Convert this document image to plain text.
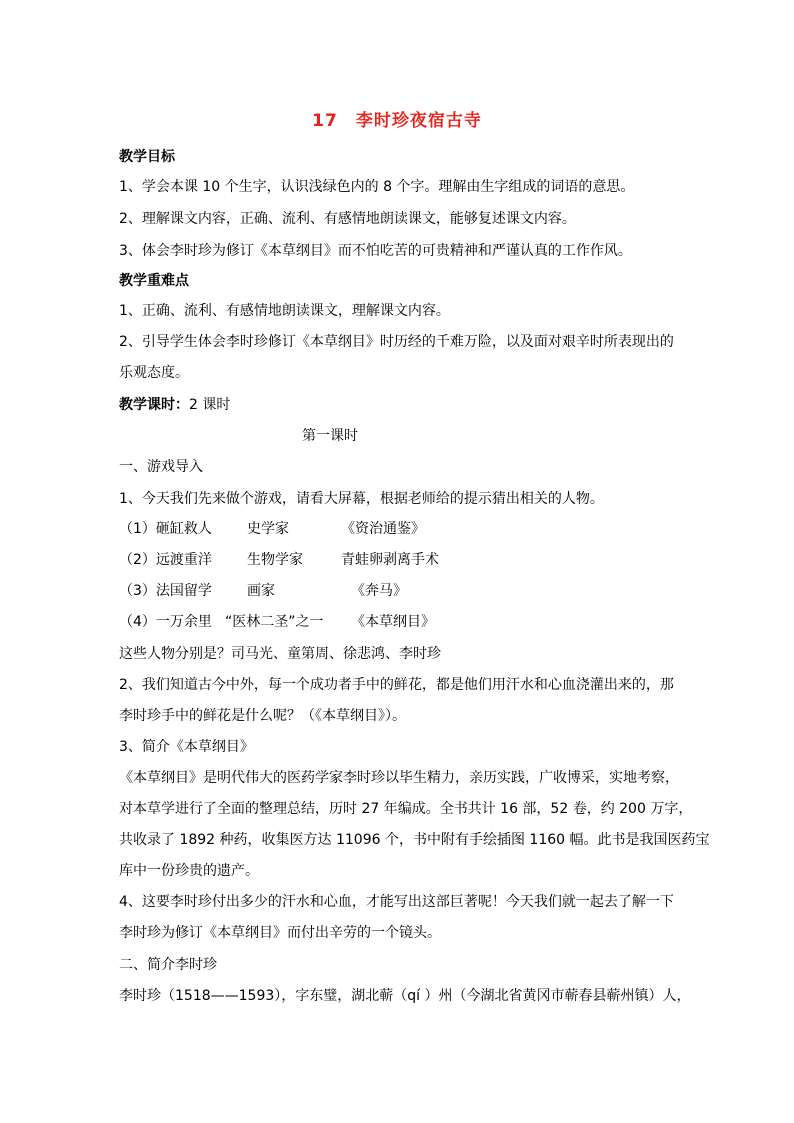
17　李时珍夜宿古寺
教学目标
1、学会本课 10 个生字，认识浅绿色内的 8 个字。理解由生字组成的词语的意思。
2、理解课文内容，正确、流利、有感情地朗读课文，能够复述课文内容。
3、体会李时珍为修订《本草纲目》而不怕吃苦的可贵精神和严谨认真的工作作风。
教学重难点
1、正确、流利、有感情地朗读课文，理解课文内容。
2、引导学生体会李时珍修订《本草纲目》时历经的千难万险，以及面对艰辛时所表现出的
乐观态度。
教学课时：2 课时
第一课时
一、游戏导入
1、今天我们先来做个游戏，请看大屏幕，根据老师给的提示猜出相关的人物。
（1）砸缸救人	史学家	《资治通鉴》
（2）远渡重洋	生物学家	青蛙卵剥离手术
（3）法国留学	画家	《奔马》
（4）一万余里 “医林二圣”之一 《本草纲目》
这些人物分别是？司马光、童第周、徐悲鸿、李时珍
2、我们知道古今中外，每一个成功者手中的鲜花，都是他们用汗水和心血浇灌出来的，那
李时珍手中的鲜花是什么呢？（《本草纲目》）。
3、简介《本草纲目》
《本草纲目》是明代伟大的医药学家李时珍以毕生精力，亲历实践，广收博采，实地考察，
对本草学进行了全面的整理总结，历时 27 年编成。全书共计 16 部，52 卷，约 200 万字，
共收录了 1892 种药，收集医方达 11096 个，书中附有手绘插图 1160 幅。此书是我国医药宝
库中一份珍贵的遗产。
4、这要李时珍付出多少的汗水和心血，才能写出这部巨著呢！今天我们就一起去了解一下
李时珍为修订《本草纲目》而付出辛劳的一个镜头。
二、简介李时珍
李时珍（1518——1593），字东璧，湖北蕲（qí ）州（今湖北省黄冈市蕲春县蕲州镇）人，
